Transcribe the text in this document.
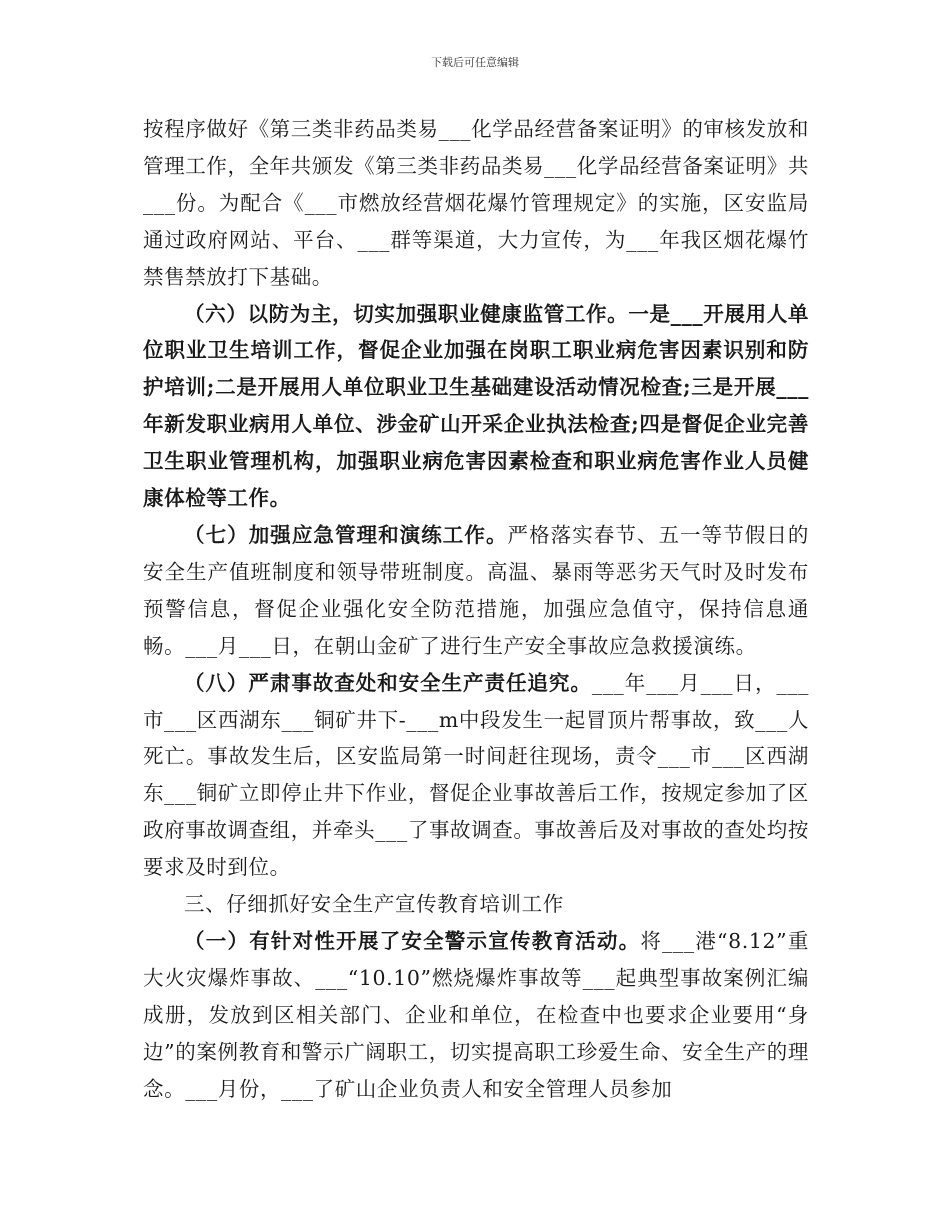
下载后可任意编辑

按程序做好《第三类非药品类易___化学品经营备案证明》的审核发放和管理工作，全年共颁发《第三类非药品类易___化学品经营备案证明》共___份。为配合《___市燃放经营烟花爆竹管理规定》的实施，区安监局通过政府网站、平台、___群等渠道，大力宣传，为___年我区烟花爆竹禁售禁放打下基础。

（六）以防为主，切实加强职业健康监管工作。一是___开展用人单位职业卫生培训工作，督促企业加强在岗职工职业病危害因素识别和防护培训;二是开展用人单位职业卫生基础建设活动情况检查;三是开展___年新发职业病用人单位、涉金矿山开采企业执法检查;四是督促企业完善卫生职业管理机构，加强职业病危害因素检查和职业病危害作业人员健康体检等工作。

（七）加强应急管理和演练工作。严格落实春节、五一等节假日的安全生产值班制度和领导带班制度。高温、暴雨等恶劣天气时及时发布预警信息，督促企业强化安全防范措施，加强应急值守，保持信息通畅。___月___日，在朝山金矿了进行生产安全事故应急救援演练。

（八）严肃事故查处和安全生产责任追究。___年___月___日，___市___区西湖东___铜矿井下-___m中段发生一起冒顶片帮事故，致___人死亡。事故发生后，区安监局第一时间赶往现场，责令___市___区西湖东___铜矿立即停止井下作业，督促企业事故善后工作，按规定参加了区政府事故调查组，并牵头___了事故调查。事故善后及对事故的查处均按要求及时到位。

三、仔细抓好安全生产宣传教育培训工作

（一）有针对性开展了安全警示宣传教育活动。将___港“8.12”重大火灾爆炸事故、___“10.10”燃烧爆炸事故等___起典型事故案例汇编成册，发放到区相关部门、企业和单位，在检查中也要求企业要用“身边”的案例教育和警示广阔职工，切实提高职工珍爱生命、安全生产的理念。___月份，___了矿山企业负责人和安全管理人员参加
